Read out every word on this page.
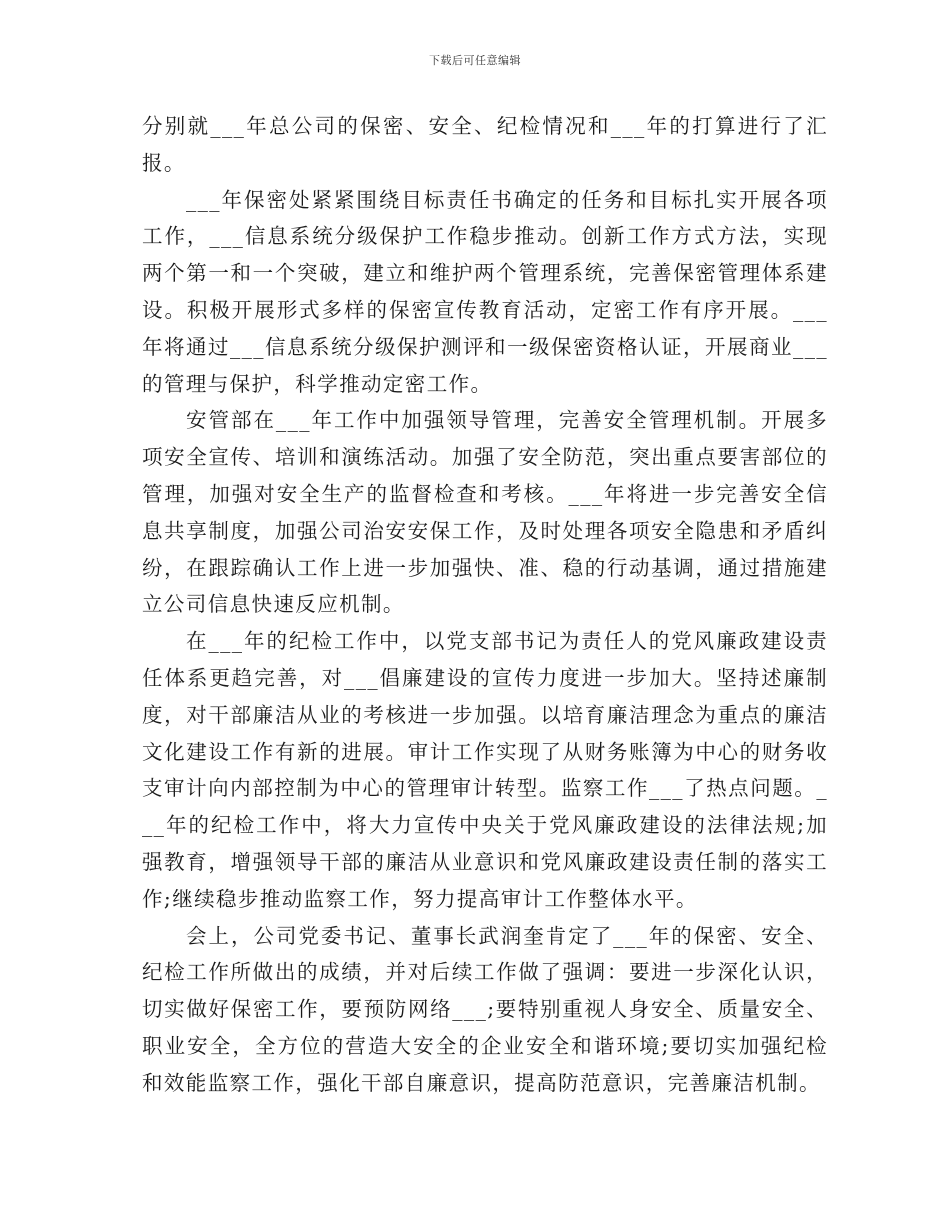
下载后可任意编辑

分别就___年总公司的保密、安全、纪检情况和___年的打算进行了汇报。

___年保密处紧紧围绕目标责任书确定的任务和目标扎实开展各项工作，___信息系统分级保护工作稳步推动。创新工作方式方法，实现两个第一和一个突破，建立和维护两个管理系统，完善保密管理体系建设。积极开展形式多样的保密宣传教育活动，定密工作有序开展。___年将通过___信息系统分级保护测评和一级保密资格认证，开展商业___的管理与保护，科学推动定密工作。

安管部在___年工作中加强领导管理，完善安全管理机制。开展多项安全宣传、培训和演练活动。加强了安全防范，突出重点要害部位的管理，加强对安全生产的监督检查和考核。___年将进一步完善安全信息共享制度，加强公司治安安保工作，及时处理各项安全隐患和矛盾纠纷，在跟踪确认工作上进一步加强快、准、稳的行动基调，通过措施建立公司信息快速反应机制。

在___年的纪检工作中，以党支部书记为责任人的党风廉政建设责任体系更趋完善，对___倡廉建设的宣传力度进一步加大。坚持述廉制度，对干部廉洁从业的考核进一步加强。以培育廉洁理念为重点的廉洁文化建设工作有新的进展。审计工作实现了从财务账簿为中心的财务收支审计向内部控制为中心的管理审计转型。监察工作___了热点问题。___年的纪检工作中，将大力宣传中央关于党风廉政建设的法律法规;加强教育，增强领导干部的廉洁从业意识和党风廉政建设责任制的落实工作;继续稳步推动监察工作，努力提高审计工作整体水平。

会上，公司党委书记、董事长武润奎肯定了___年的保密、安全、纪检工作所做出的成绩，并对后续工作做了强调：要进一步深化认识，切实做好保密工作，要预防网络___;要特别重视人身安全、质量安全、职业安全，全方位的营造大安全的企业安全和谐环境;要切实加强纪检和效能监察工作，强化干部自廉意识，提高防范意识，完善廉洁机制。
